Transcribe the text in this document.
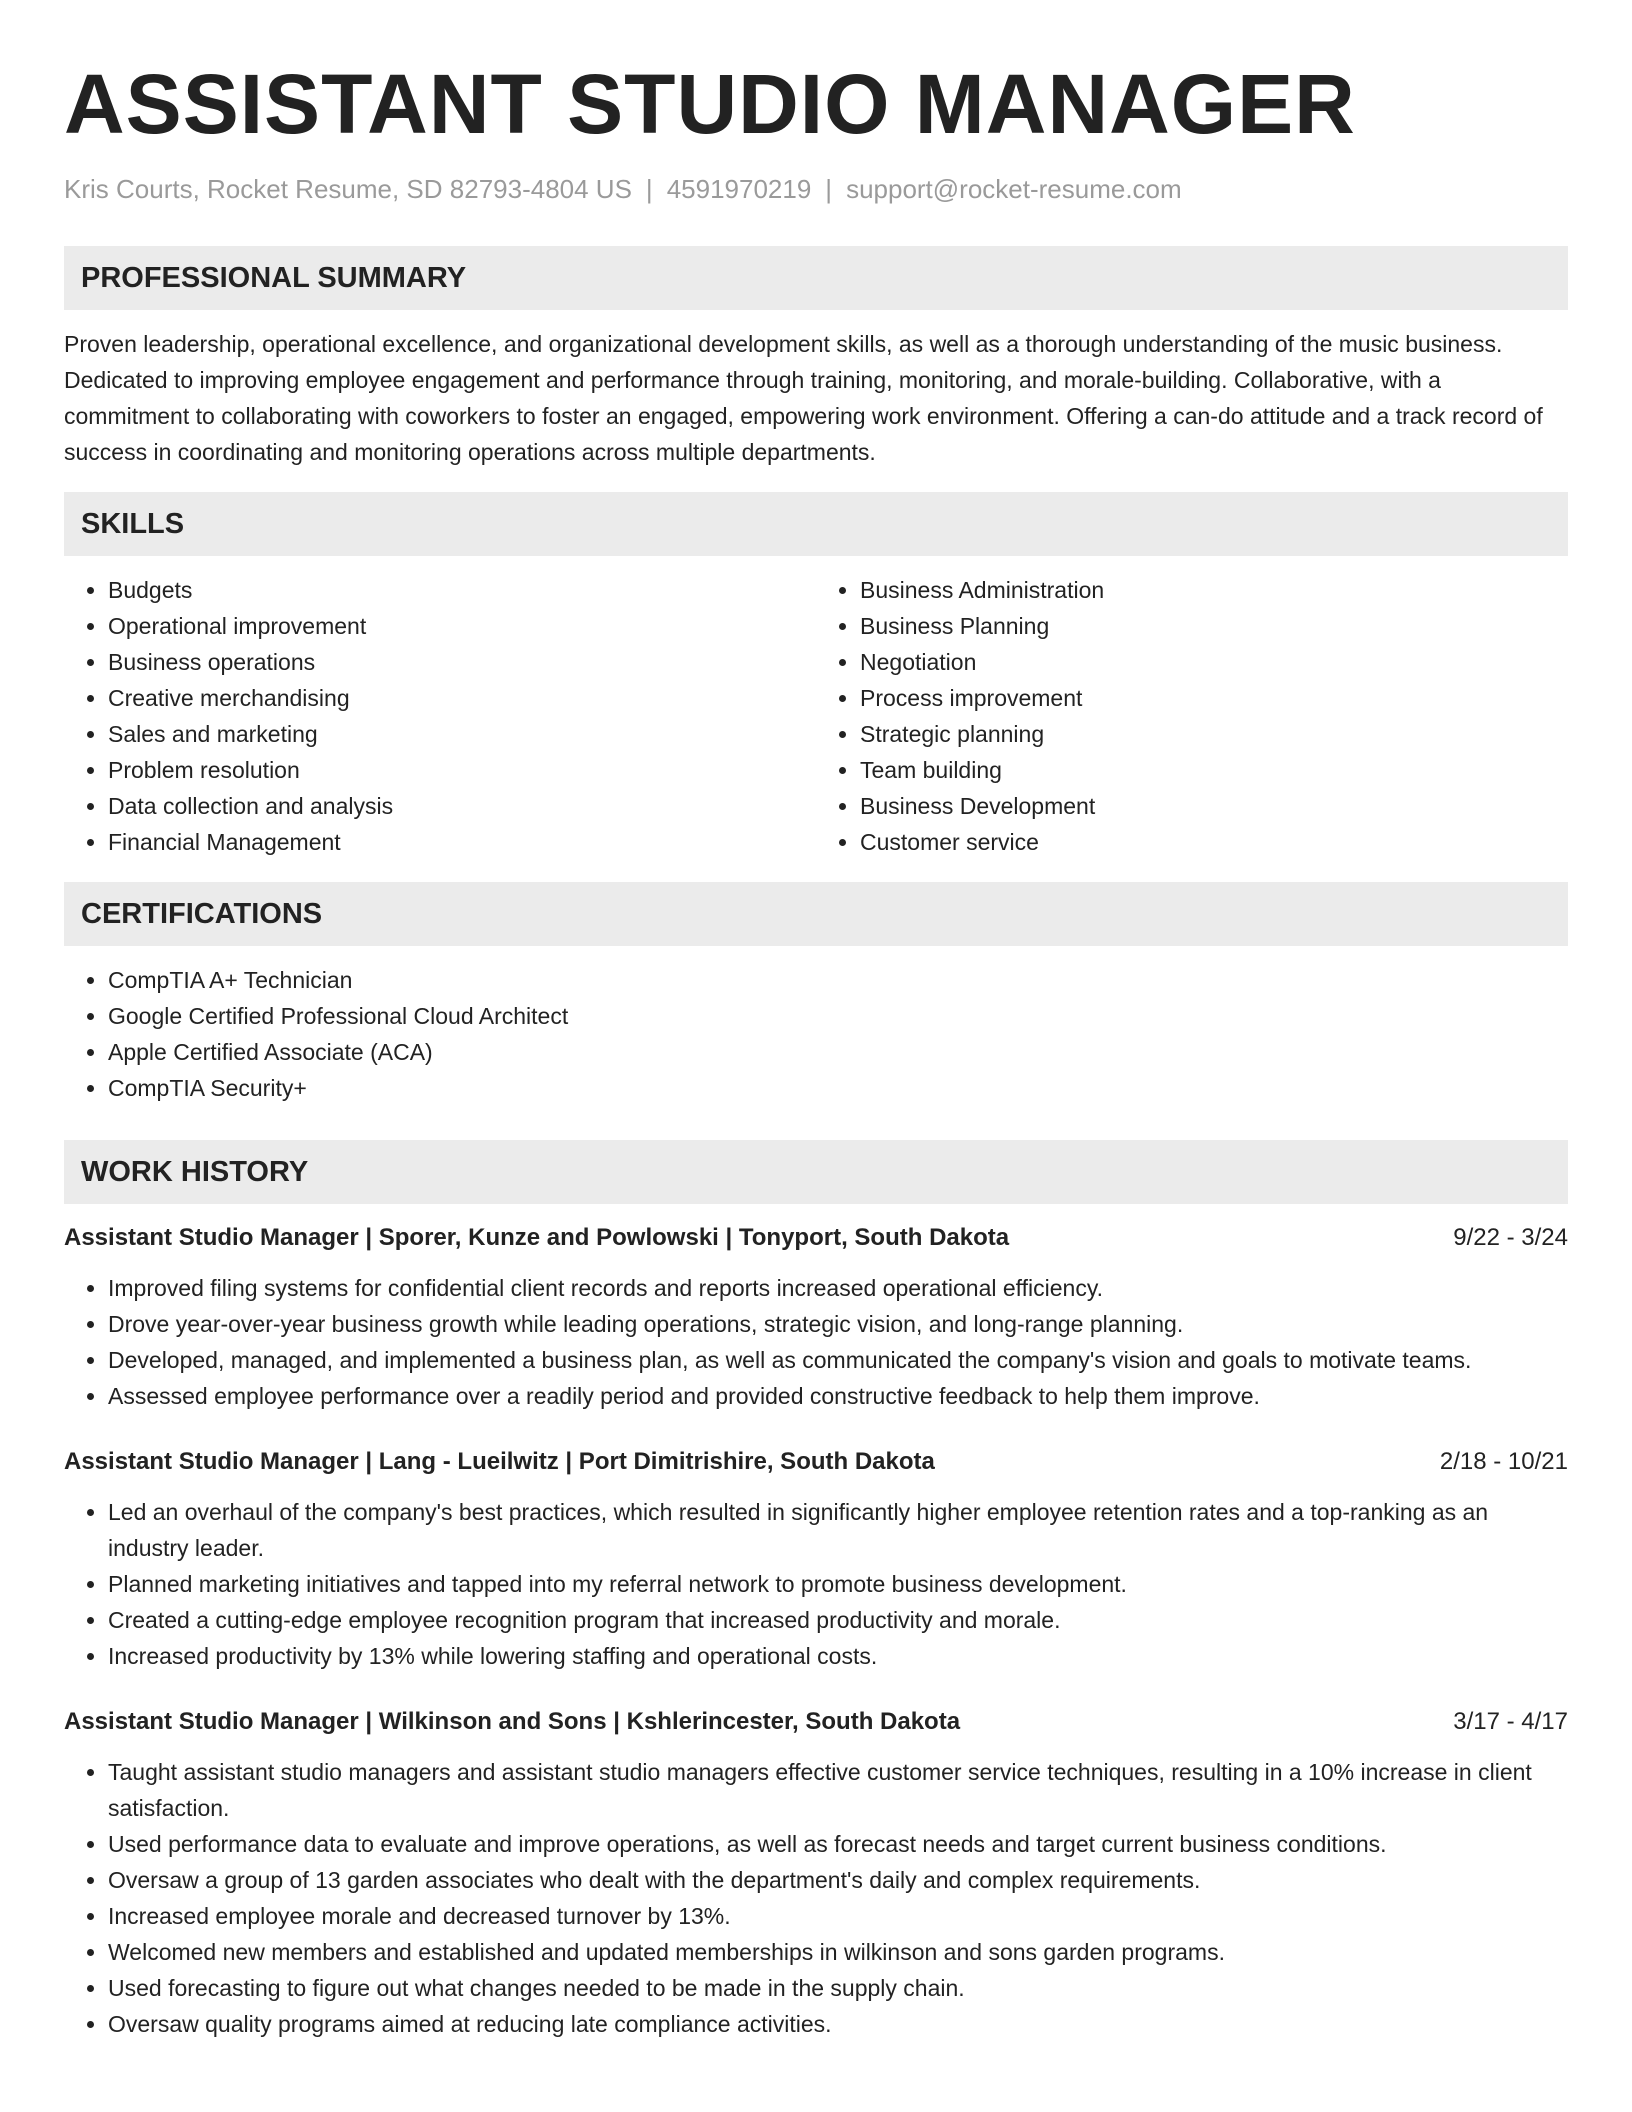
ASSISTANT STUDIO MANAGER
Kris Courts, Rocket Resume, SD 82793-4804 US | 4591970219 | support@rocket-resume.com
PROFESSIONAL SUMMARY

Proven leadership, operational excellence, and organizational development skills, as well as a thorough understanding of the music business. Dedicated to improving employee engagement and performance through training, monitoring, and morale-building. Collaborative, with a commitment to collaborating with coworkers to foster an engaged, empowering work environment. Offering a can-do attitude and a track record of success in coordinating and monitoring operations across multiple departments.

SKILLS
• Budgets
• Operational improvement
• Business operations
• Creative merchandising
• Sales and marketing
• Problem resolution
• Data collection and analysis
• Financial Management
• Business Administration
• Business Planning
• Negotiation
• Process improvement
• Strategic planning
• Team building
• Business Development
• Customer service
CERTIFICATIONS
• CompTIA A+ Technician
• Google Certified Professional Cloud Architect
• Apple Certified Associate (ACA)
• CompTIA Security+
WORK HISTORY
Assistant Studio Manager | Sporer, Kunze and Powlowski | Tonyport, South Dakota	9/22 - 3/24
• Improved filing systems for confidential client records and reports increased operational efficiency.
• Drove year-over-year business growth while leading operations, strategic vision, and long-range planning.
• Developed, managed, and implemented a business plan, as well as communicated the company's vision and goals to motivate teams.
• Assessed employee performance over a readily period and provided constructive feedback to help them improve.
Assistant Studio Manager | Lang - Lueilwitz | Port Dimitrishire, South Dakota	2/18 - 10/21
• Led an overhaul of the company's best practices, which resulted in significantly higher employee retention rates and a top-ranking as an industry leader.
• Planned marketing initiatives and tapped into my referral network to promote business development.
• Created a cutting-edge employee recognition program that increased productivity and morale.
• Increased productivity by 13% while lowering staffing and operational costs.
Assistant Studio Manager | Wilkinson and Sons | Kshlerincester, South Dakota	3/17 - 4/17
• Taught assistant studio managers and assistant studio managers effective customer service techniques, resulting in a 10% increase in client satisfaction.
• Used performance data to evaluate and improve operations, as well as forecast needs and target current business conditions.
• Oversaw a group of 13 garden associates who dealt with the department's daily and complex requirements.
• Increased employee morale and decreased turnover by 13%.
• Welcomed new members and established and updated memberships in wilkinson and sons garden programs.
• Used forecasting to figure out what changes needed to be made in the supply chain.
• Oversaw quality programs aimed at reducing late compliance activities.
